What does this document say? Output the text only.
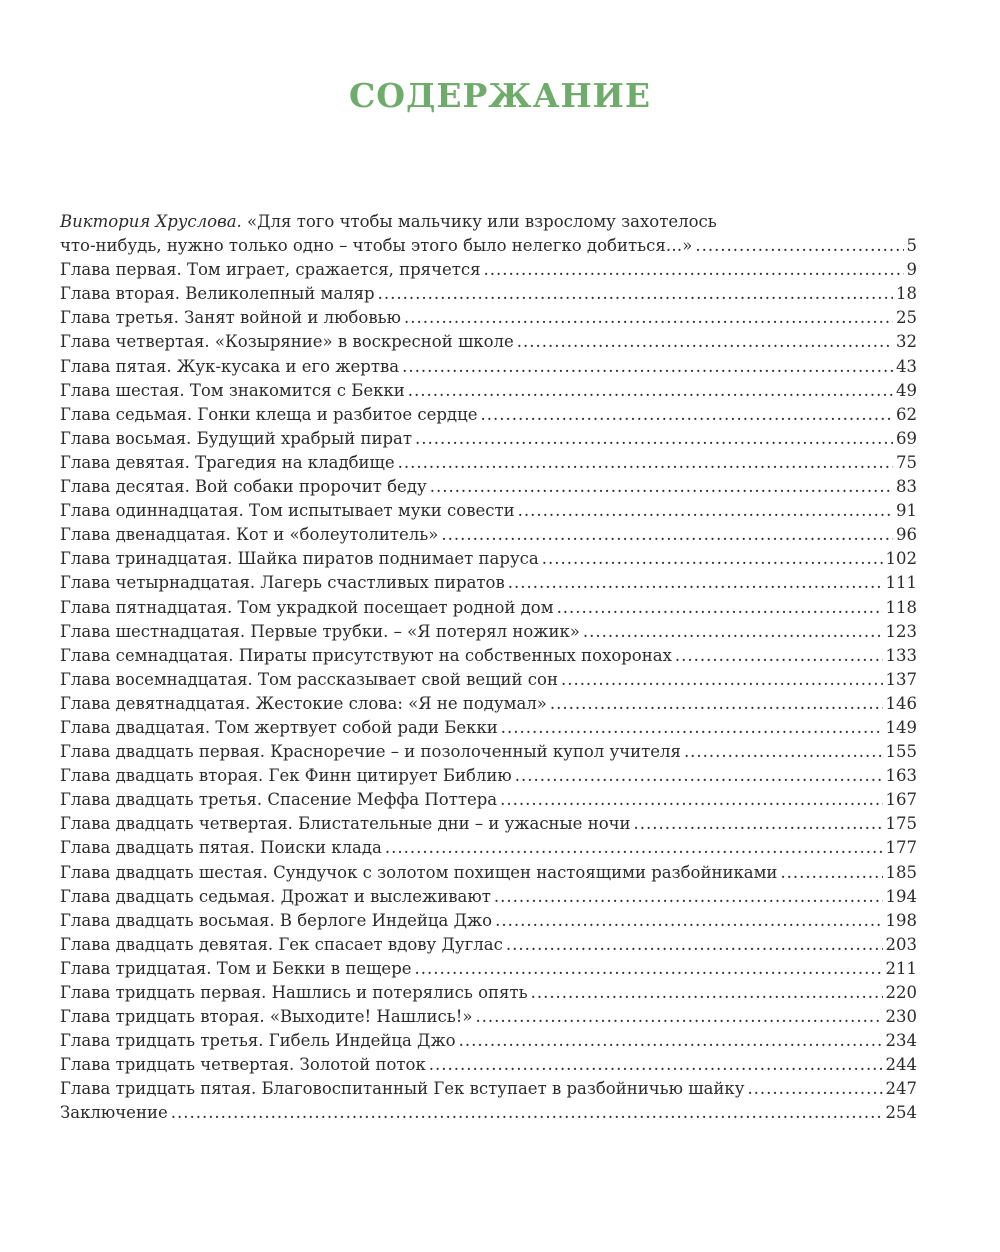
СОДЕРЖАНИЕ
Виктория Хруслова. «Для того чтобы мальчику или взрослому захотелось
что-нибудь, нужно только одно – чтобы этого было нелегко добиться…» .....	5
Глава первая. Том играет, сражается, прячется .....	9
Глава вторая. Великолепный маляр .....	18
Глава третья. Занят войной и любовью .....	25
Глава четвертая. «Козыряние» в воскресной школе .....	32
Глава пятая. Жук-кусака и его жертва .....	43
Глава шестая. Том знакомится с Бекки .....	49
Глава седьмая. Гонки клеща и разбитое сердце .....	62
Глава восьмая. Будущий храбрый пират .....	69
Глава девятая. Трагедия на кладбище .....	75
Глава десятая. Вой собаки пророчит беду .....	83
Глава одиннадцатая. Том испытывает муки совести .....	91
Глава двенадцатая. Кот и «болеутолитель» .....	96
Глава тринадцатая. Шайка пиратов поднимает паруса .....	102
Глава четырнадцатая. Лагерь счастливых пиратов .....	111
Глава пятнадцатая. Том украдкой посещает родной дом .....	118
Глава шестнадцатая. Первые трубки. – «Я потерял ножик» .....	123
Глава семнадцатая. Пираты присутствуют на собственных похоронах .....	133
Глава восемнадцатая. Том рассказывает свой вещий сон .....	137
Глава девятнадцатая. Жестокие слова: «Я не подумал» .....	146
Глава двадцатая. Том жертвует собой ради Бекки .....	149
Глава двадцать первая. Красноречие – и позолоченный купол учителя .....	155
Глава двадцать вторая. Гек Финн цитирует Библию .....	163
Глава двадцать третья. Спасение Меффа Поттера .....	167
Глава двадцать четвертая. Блистательные дни – и ужасные ночи .....	175
Глава двадцать пятая. Поиски клада .....	177
Глава двадцать шестая. Сундучок с золотом похищен настоящими разбойниками .....	185
Глава двадцать седьмая. Дрожат и выслеживают .....	194
Глава двадцать восьмая. В берлоге Индейца Джо .....	198
Глава двадцать девятая. Гек спасает вдову Дуглас .....	203
Глава тридцатая. Том и Бекки в пещере .....	211
Глава тридцать первая. Нашлись и потерялись опять .....	220
Глава тридцать вторая. «Выходите! Нашлись!» .....	230
Глава тридцать третья. Гибель Индейца Джо .....	234
Глава тридцать четвертая. Золотой поток .....	244
Глава тридцать пятая. Благовоспитанный Гек вступает в разбойничью шайку .....	247
Заключение .....	254
